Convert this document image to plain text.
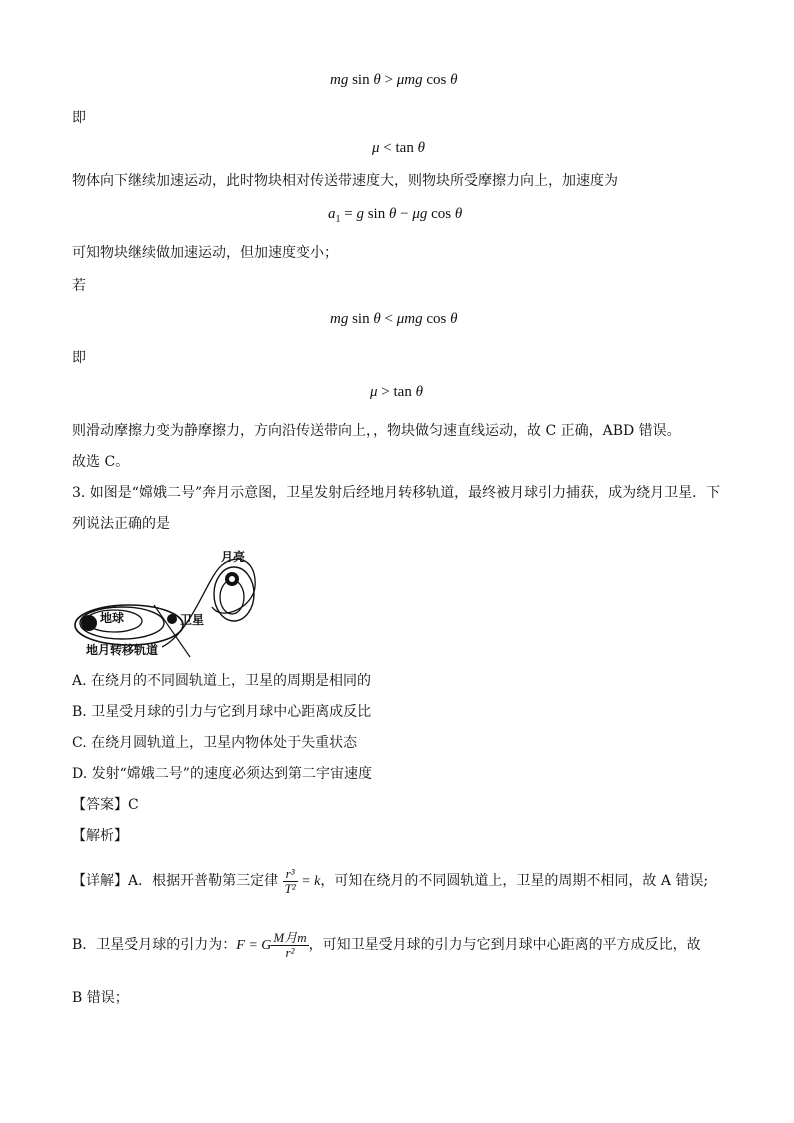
mg sin θ > μmg cos θ
即
μ < tan θ
物体向下继续加速运动，此时物块相对传送带速度大，则物块所受摩擦力向上，加速度为
$a_1 = g$ sin θ − μg cos θ
可知物块继续做加速运动，但加速度变小；
若
mg sin θ < μmg cos θ
即
μ > tan θ
则滑动摩擦力变为静摩擦力，方向沿传送带向上，，物块做匀速直线运动，故 C 正确，ABD 错误。
故选 C。
3. 如图是“嫦娥二号”奔月示意图，卫星发射后经地月转移轨道，最终被月球引力捕获，成为绕月卫星．下
列说法正确的是
月亮
地球	卫星
地月转移轨道
A. 在绕月的不同圆轨道上，卫星的周期是相同的
B. 卫星受月球的引力与它到月球中心距离成反比
C. 在绕月圆轨道上，卫星内物体处于失重状态
D. 发射“嫦娥二号”的速度必须达到第二宇宙速度
【答案】C
【解析】
【详解】A．根据开普勒第三定律 $\frac{\text{r³}}{\text{T²}} = k$，可知在绕月的不同圆轨道上，卫星的周期不相同，故 A 错误;
B．卫星受月球的引力为：F = G $\frac{\text{M月m}}{\text{r²}}$ ，可知卫星受月球的引力与它到月球中心距离的平方成反比，故
B 错误；
